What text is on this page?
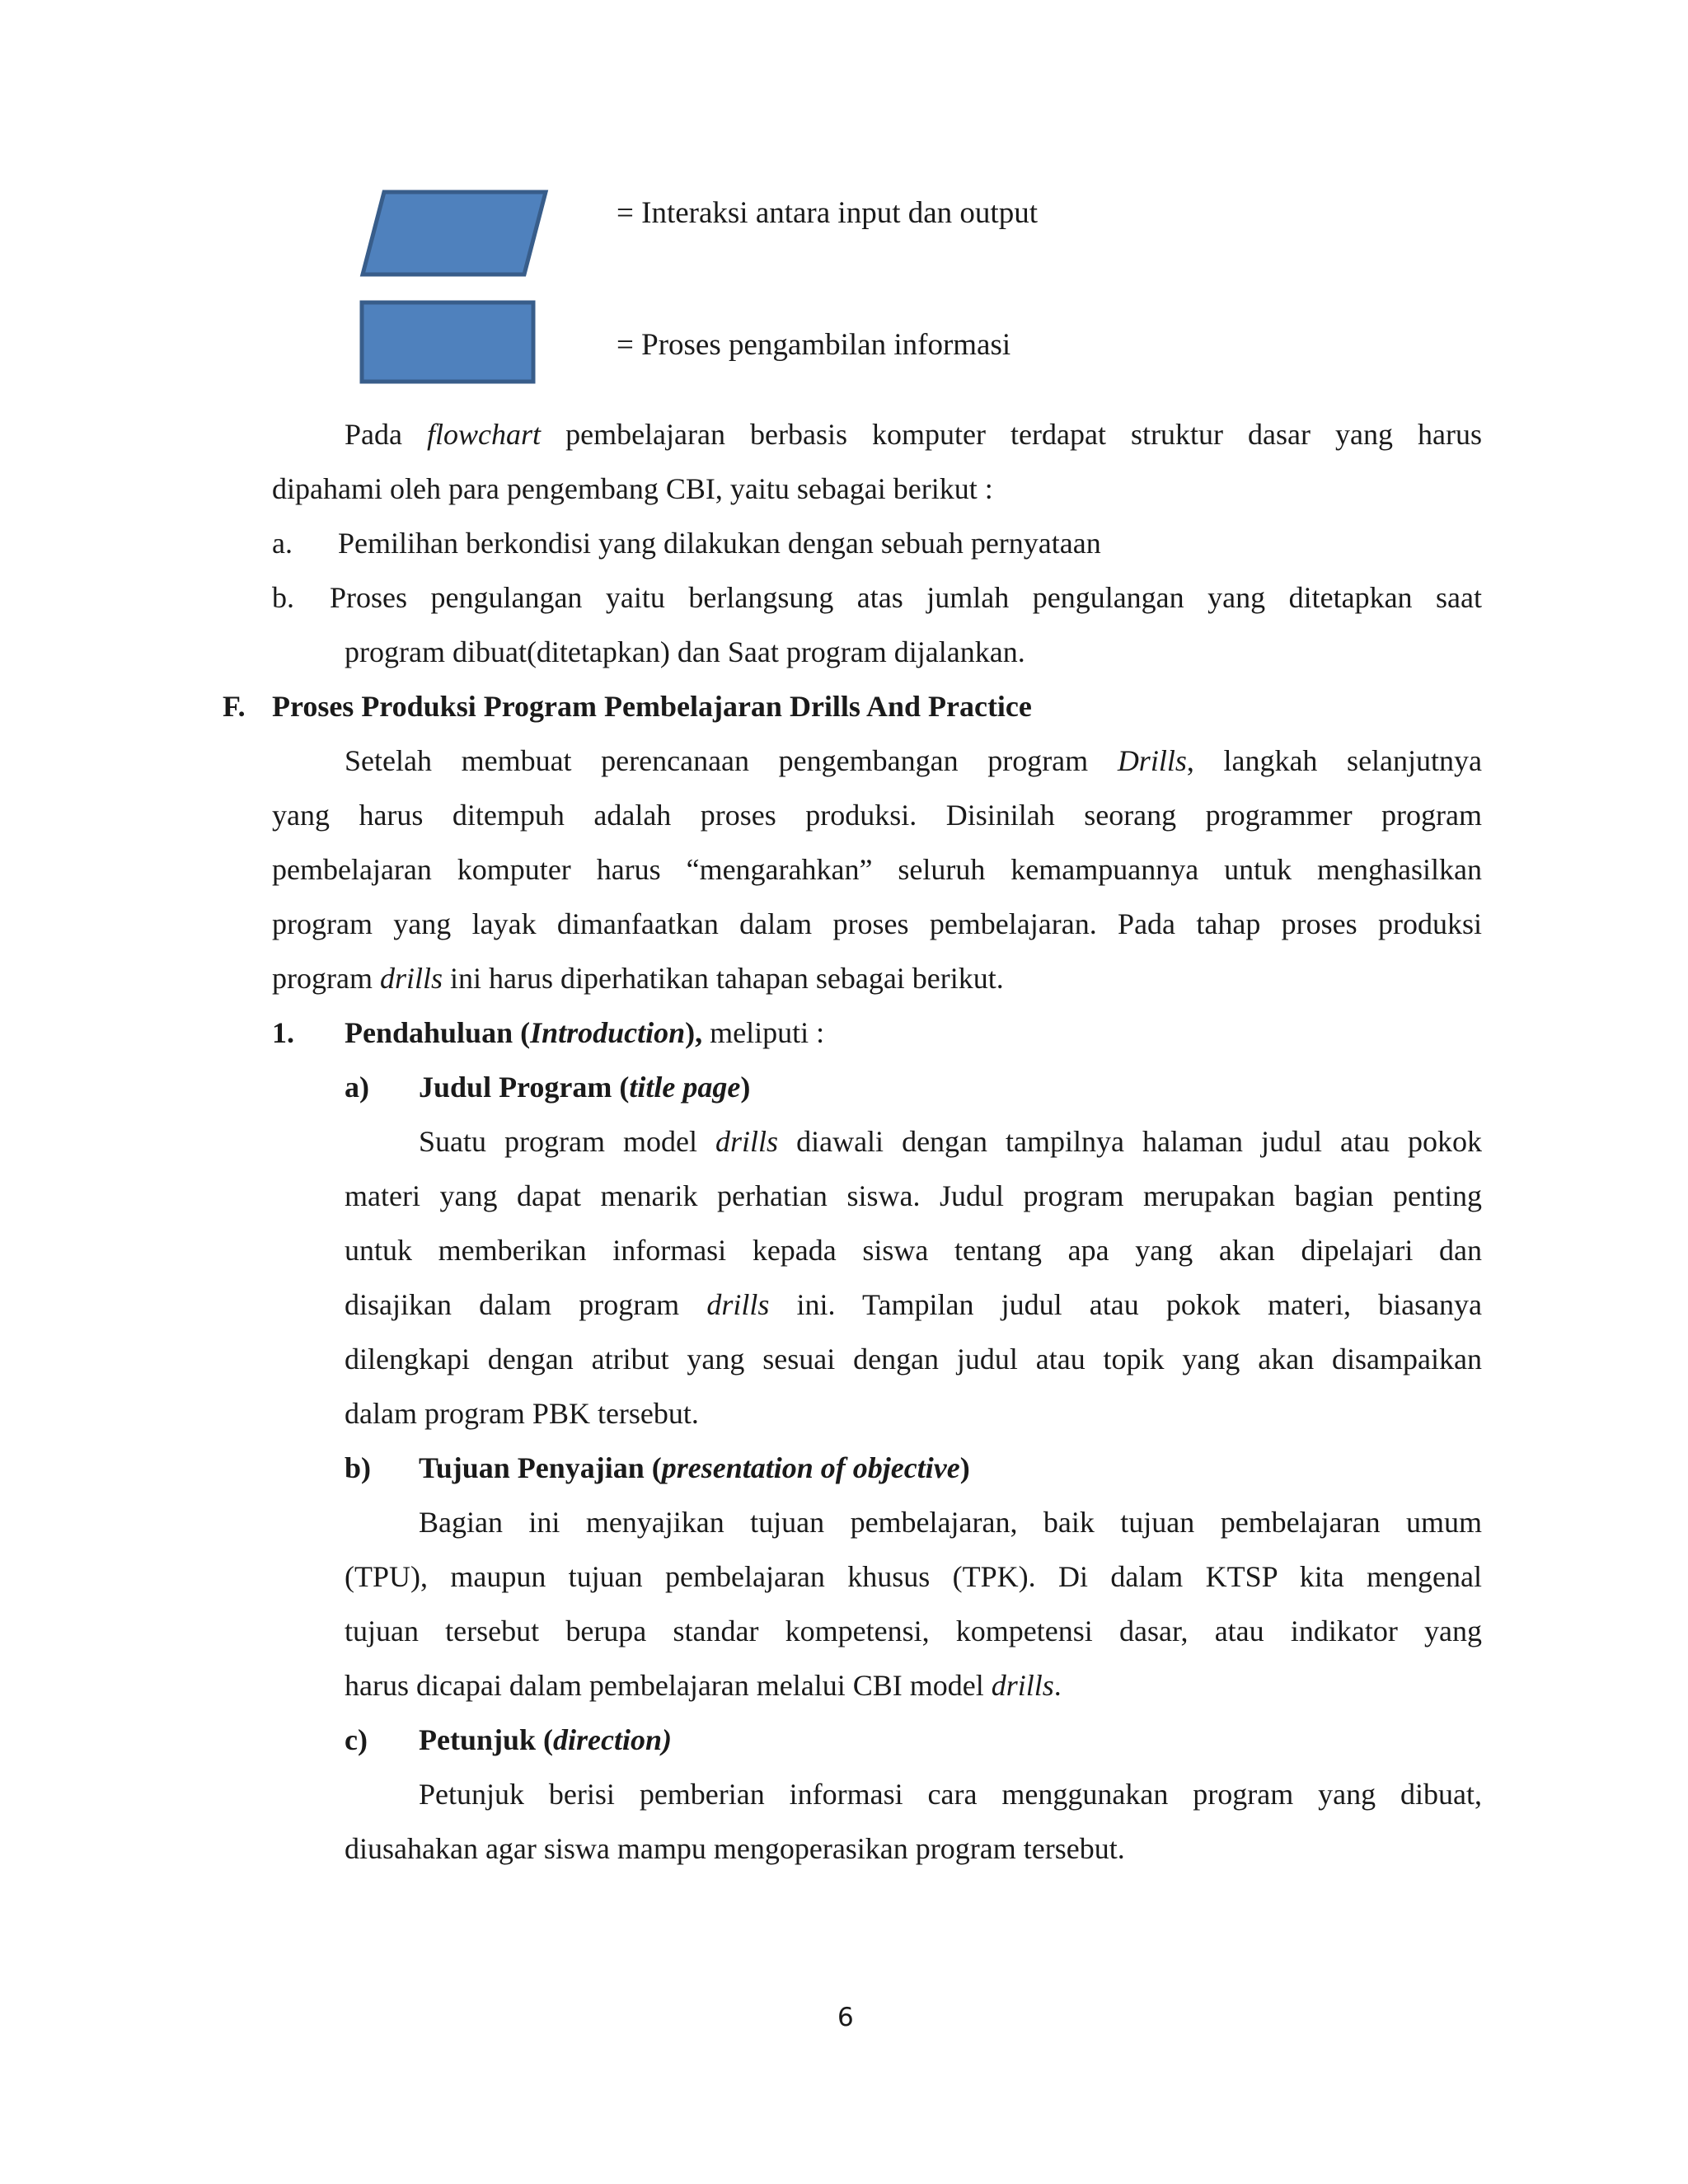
= Interaksi antara input dan output
= Proses pengambilan informasi
Pada flowchart pembelajaran berbasis komputer terdapat struktur dasar yang harus
dipahami oleh para pengembang CBI, yaitu sebagai berikut :
a. Pemilihan berkondisi yang dilakukan dengan sebuah pernyataan
b. Proses pengulangan yaitu berlangsung atas jumlah pengulangan yang ditetapkan saat
program dibuat(ditetapkan) dan Saat program dijalankan.
F. Proses Produksi Program Pembelajaran Drills And Practice
Setelah membuat perencanaan pengembangan program Drills, langkah selanjutnya
yang harus ditempuh adalah proses produksi. Disinilah seorang programmer program
pembelajaran komputer harus “mengarahkan” seluruh kemampuannya untuk menghasilkan
program yang layak dimanfaatkan dalam proses pembelajaran. Pada tahap proses produksi
program drills ini harus diperhatikan tahapan sebagai berikut.
1. Pendahuluan (Introduction), meliputi :
a) Judul Program (title page)
Suatu program model drills diawali dengan tampilnya halaman judul atau pokok
materi yang dapat menarik perhatian siswa. Judul program merupakan bagian penting
untuk memberikan informasi kepada siswa tentang apa yang akan dipelajari dan
disajikan dalam program drills ini. Tampilan judul atau pokok materi, biasanya
dilengkapi dengan atribut yang sesuai dengan judul atau topik yang akan disampaikan
dalam program PBK tersebut.
b) Tujuan Penyajian (presentation of objective)
Bagian ini menyajikan tujuan pembelajaran, baik tujuan pembelajaran umum
(TPU), maupun tujuan pembelajaran khusus (TPK). Di dalam KTSP kita mengenal
tujuan tersebut berupa standar kompetensi, kompetensi dasar, atau indikator yang
harus dicapai dalam pembelajaran melalui CBI model drills.
c) Petunjuk (direction)
Petunjuk berisi pemberian informasi cara menggunakan program yang dibuat,
diusahakan agar siswa mampu mengoperasikan program tersebut.
6
